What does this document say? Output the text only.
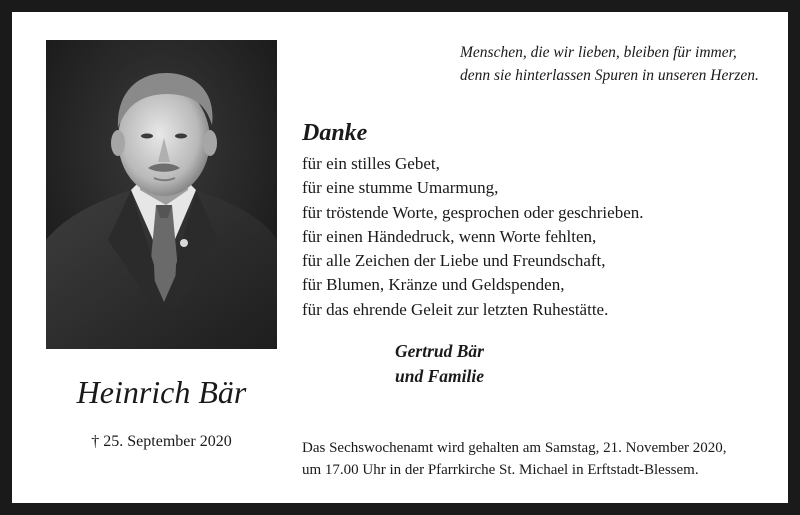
Menschen, die wir lieben, bleiben für immer,
denn sie hinterlassen Spuren in unseren Herzen.
Danke
für ein stilles Gebet,
für eine stumme Umarmung,
für tröstende Worte, gesprochen oder geschrieben.
für einen Händedruck, wenn Worte fehlten,
für alle Zeichen der Liebe und Freundschaft,
für Blumen, Kränze und Geldspenden,
für das ehrende Geleit zur letzten Ruhestätte.
Gertrud Bär
und Familie
Heinrich Bär
† 25. September 2020	Das Sechswochenamt wird gehalten am Samstag, 21. November 2020,
um 17.00 Uhr in der Pfarrkirche St. Michael in Erftstadt-Blessem.
